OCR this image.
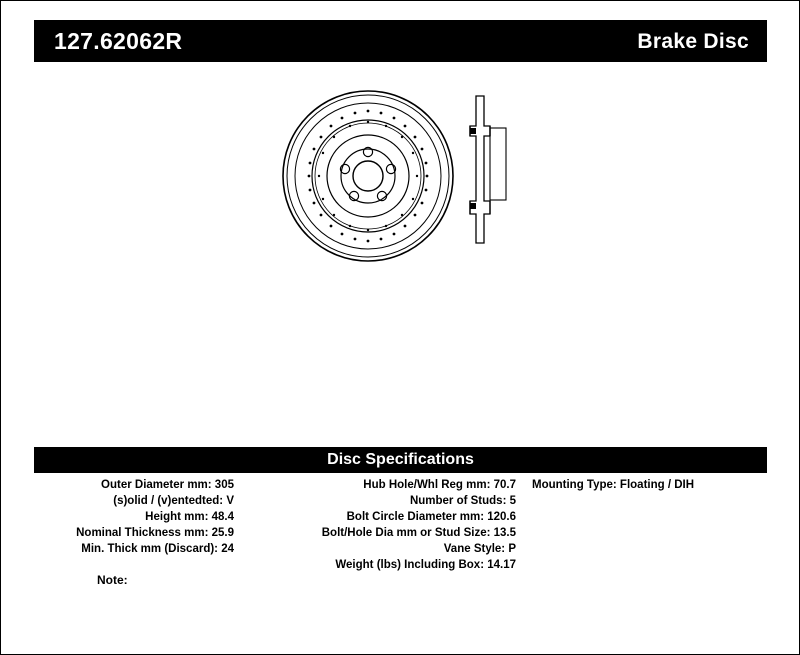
127.62062R	Brake Disc
Disc Specifications
Outer Diameter mm: 305
(s)olid / (v)entedted: V
Height mm: 48.4
Nominal Thickness mm: 25.9
Min. Thick mm (Discard): 24
Hub Hole/Whl Reg mm: 70.7
Number of Studs: 5
Bolt Circle Diameter mm: 120.6
Bolt/Hole Dia mm or Stud Size: 13.5
Vane Style: P
Weight (lbs) Including Box: 14.17
Mounting Type: Floating / DIH
Note:
